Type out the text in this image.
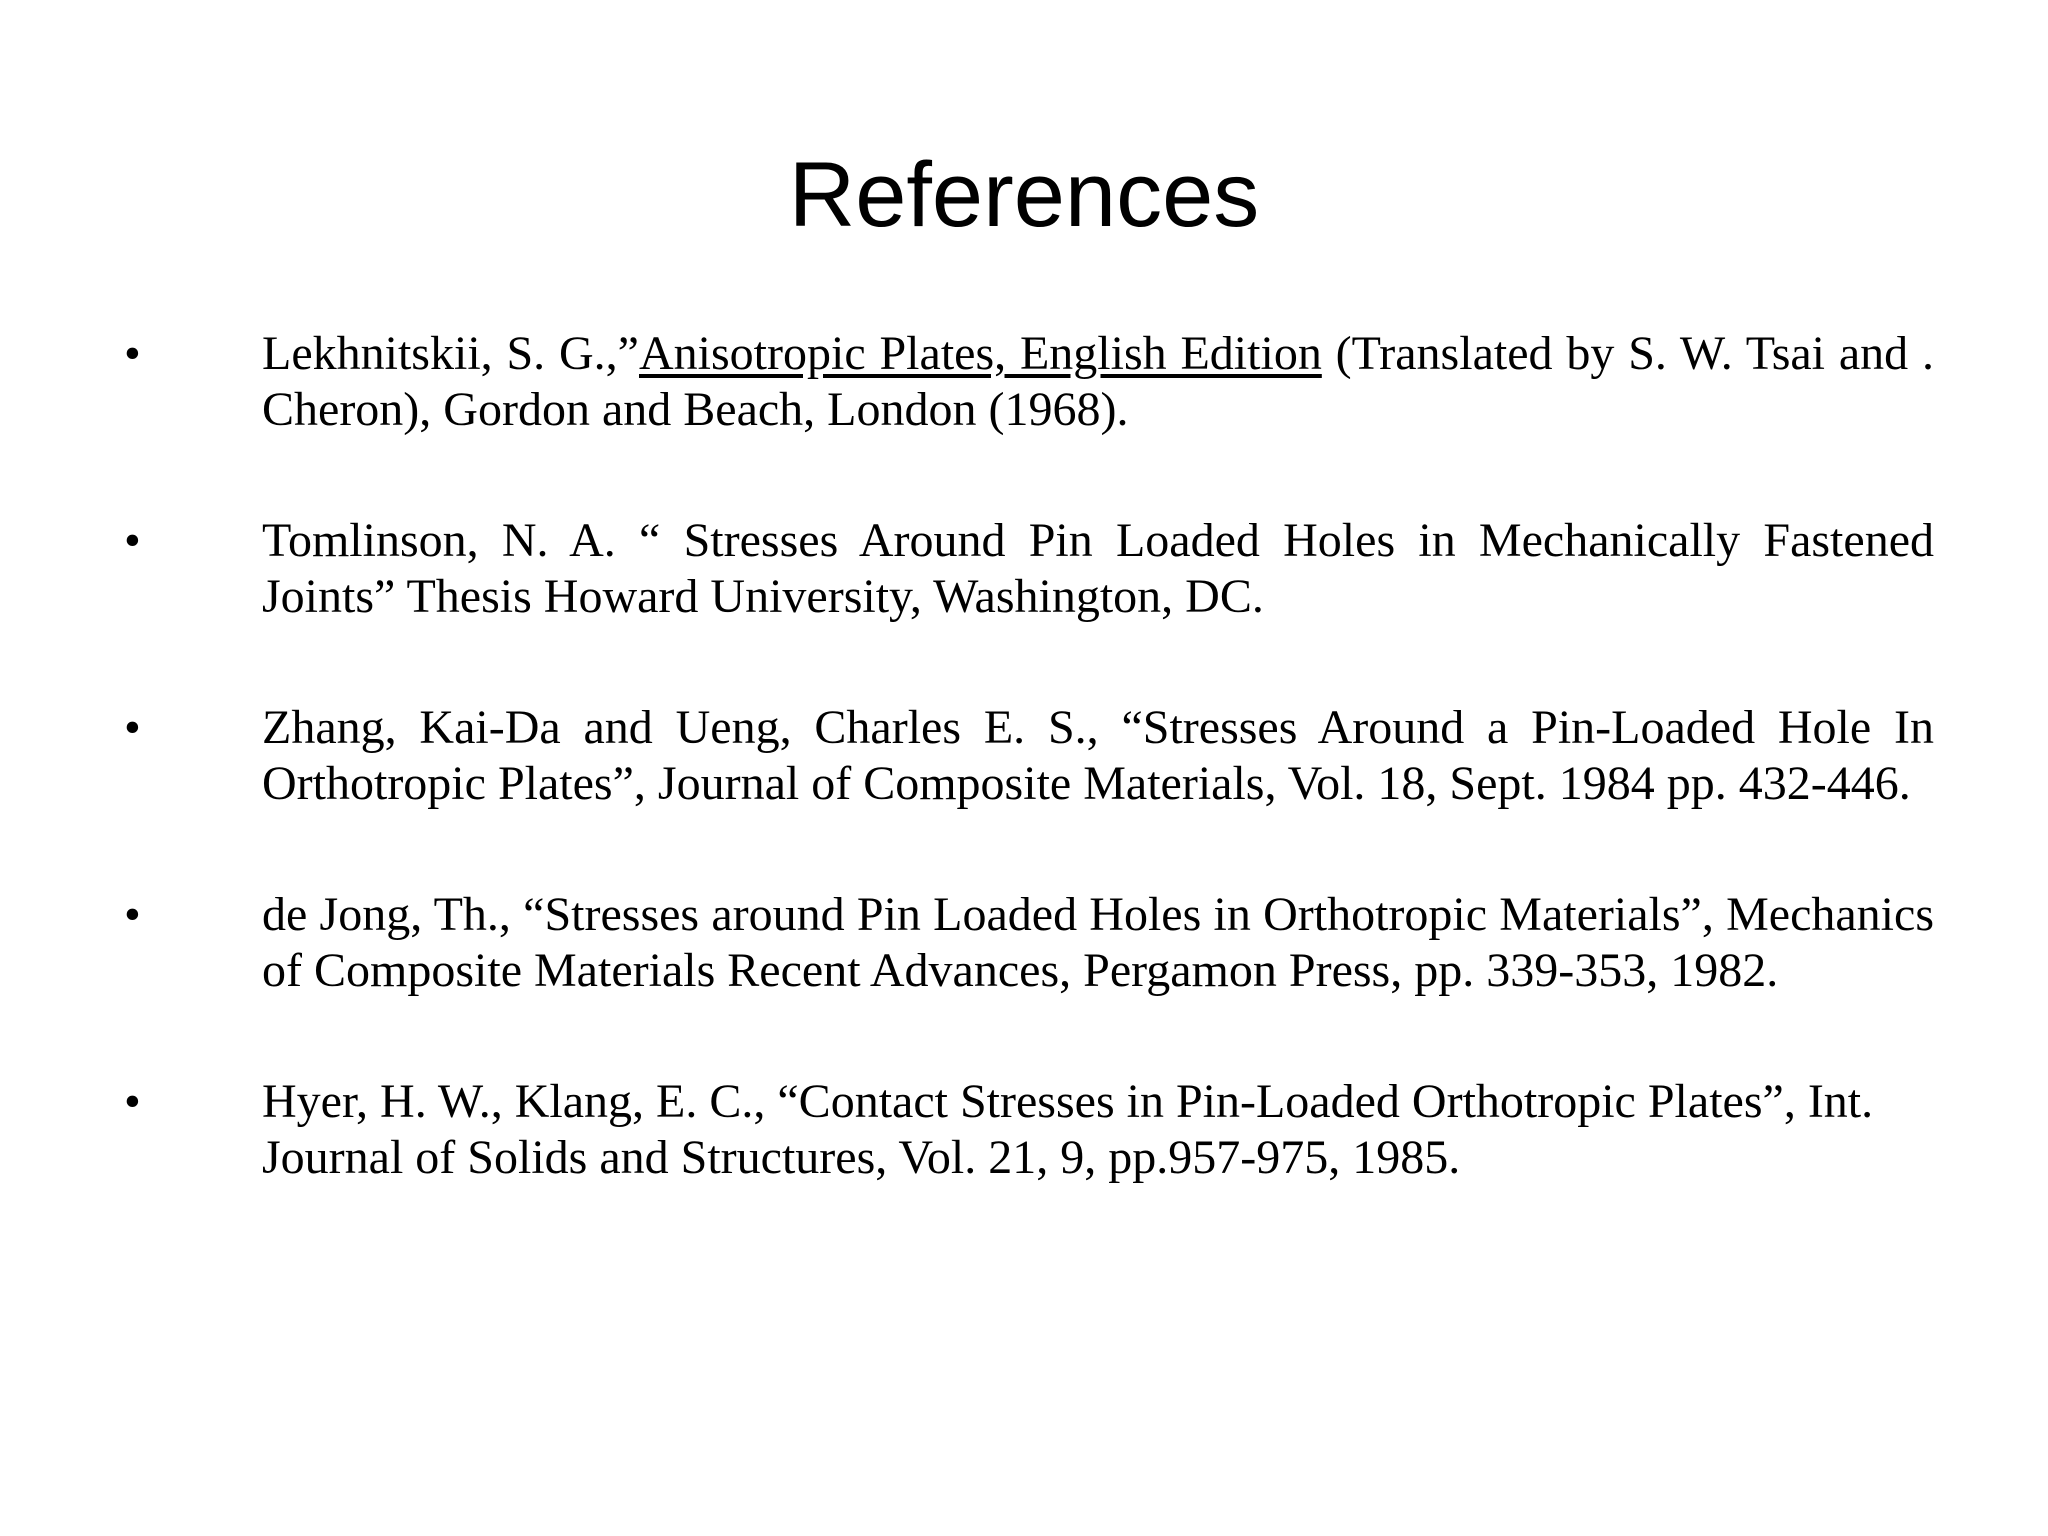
References
•	Lekhnitskii, S. G.,”Anisotropic Plates, English Edition (Translated by S. W. Tsai and . Cheron), Gordon and Beach, London (1968).
•	Tomlinson, N. A. “ Stresses Around Pin Loaded Holes in Mechanically Fastened Joints” Thesis Howard University, Washington, DC.
•	Zhang, Kai-Da and Ueng, Charles E. S., “Stresses Around a Pin-Loaded Hole In Orthotropic Plates”, Journal of Composite Materials, Vol. 18, Sept. 1984 pp. 432-446.
•	de Jong, Th., “Stresses around Pin Loaded Holes in Orthotropic Materials”, Mechanics of Composite Materials Recent Advances, Pergamon Press, pp. 339-353, 1982.
•	Hyer, H. W., Klang, E. C., “Contact Stresses in Pin-Loaded Orthotropic Plates”, Int. Journal of Solids and Structures, Vol. 21, 9, pp.957-975, 1985.
